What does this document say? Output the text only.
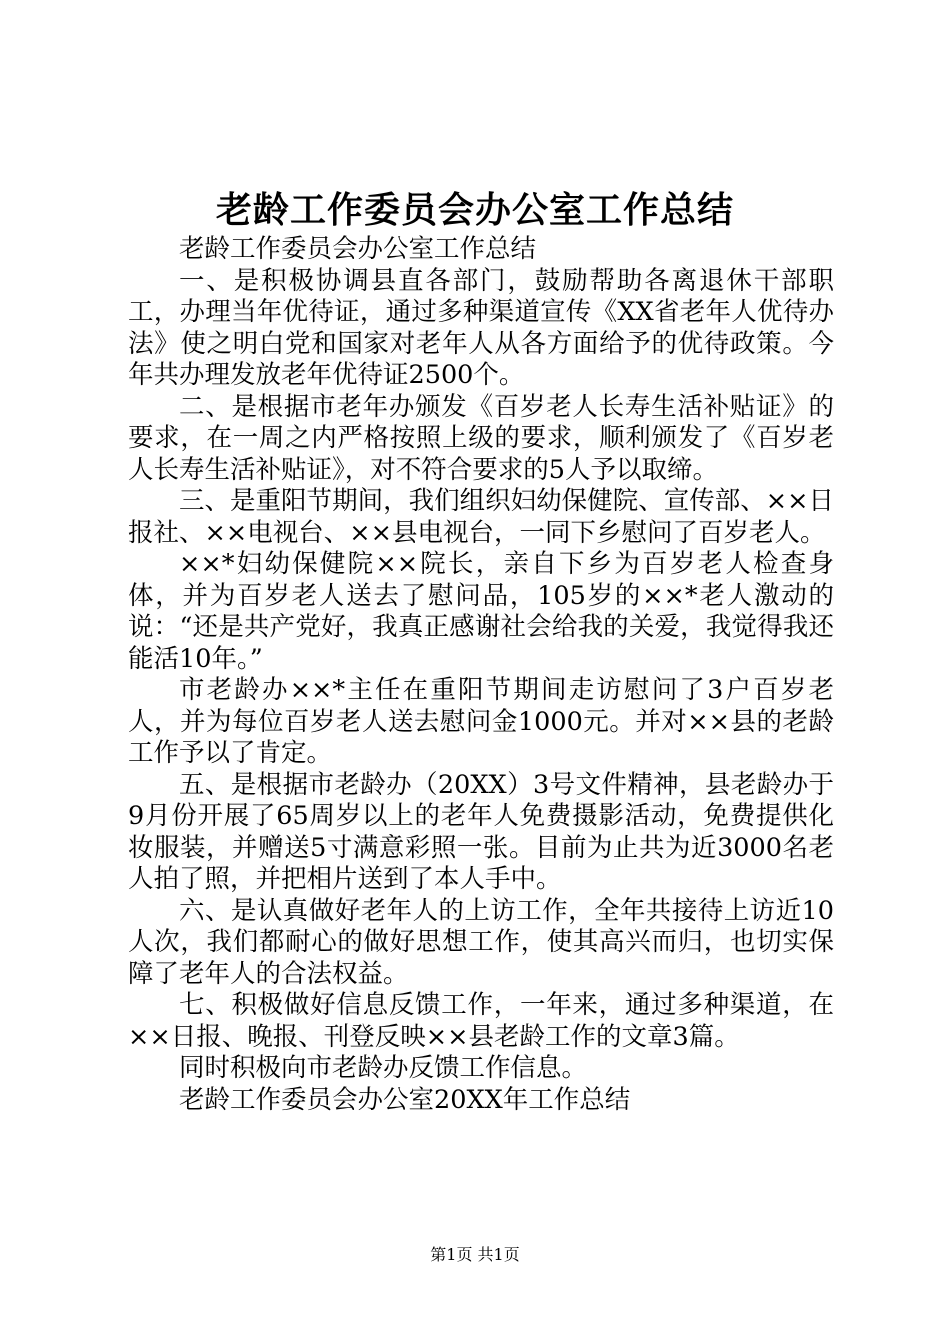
老龄工作委员会办公室工作总结

老龄工作委员会办公室工作总结

一、是积极协调县直各部门，鼓励帮助各离退休干部职工，办理当年优待证，通过多种渠道宣传《XX省老年人优待办法》使之明白党和国家对老年人从各方面给予的优待政策。今年共办理发放老年优待证2500个。

二、是根据市老年办颁发《百岁老人长寿生活补贴证》的要求，在一周之内严格按照上级的要求，顺利颁发了《百岁老人长寿生活补贴证》，对不符合要求的5人予以取缔。

三、是重阳节期间，我们组织妇幼保健院、宣传部、××日报社、××电视台、××县电视台，一同下乡慰问了百岁老人。

××*妇幼保健院××院长，亲自下乡为百岁老人检查身体，并为百岁老人送去了慰问品，105岁的××*老人激动的说：“还是共产党好，我真正感谢社会给我的关爱，我觉得我还能活10年。”

市老龄办××*主任在重阳节期间走访慰问了3户百岁老人，并为每位百岁老人送去慰问金1000元。并对××县的老龄工作予以了肯定。

五、是根据市老龄办（20XX）3号文件精神，县老龄办于9月份开展了65周岁以上的老年人免费摄影活动，免费提供化妆服装，并赠送5寸满意彩照一张。目前为止共为近3000名老人拍了照，并把相片送到了本人手中。

六、是认真做好老年人的上访工作，全年共接待上访近10人次，我们都耐心的做好思想工作，使其高兴而归，也切实保障了老年人的合法权益。

七、积极做好信息反馈工作，一年来，通过多种渠道，在××日报、晚报、刊登反映××县老龄工作的文章3篇。

同时积极向市老龄办反馈工作信息。

老龄工作委员会办公室20XX年工作总结

第1页 共1页
